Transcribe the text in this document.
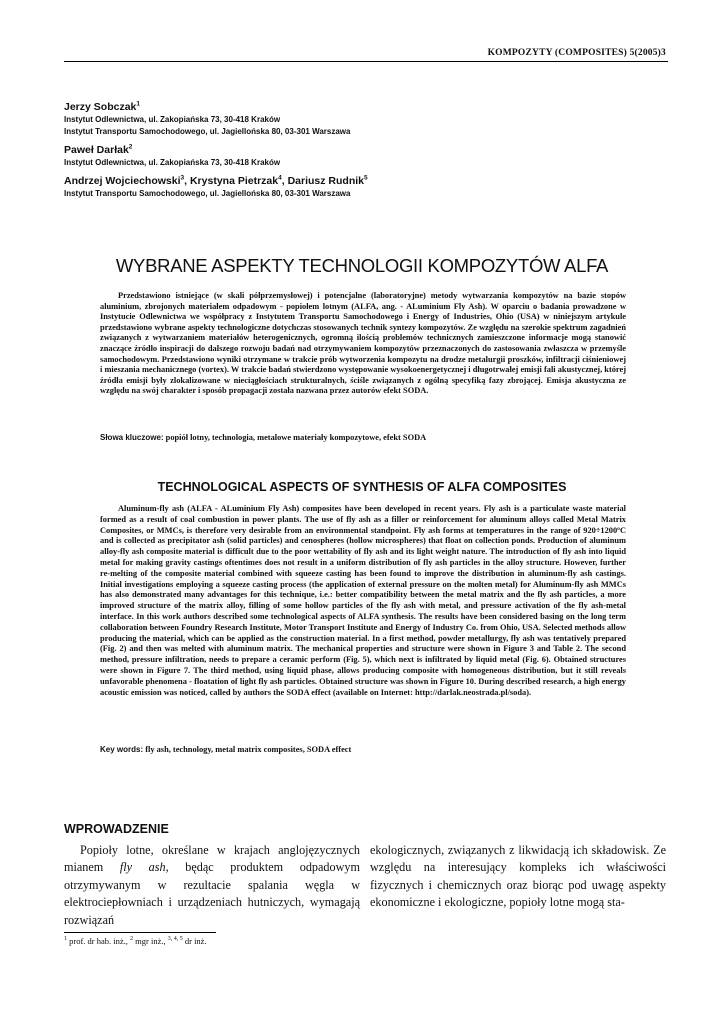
KOMPOZYTY (COMPOSITES) 5(2005)3
Jerzy Sobczak$^1$
Instytut Odlewnictwa, ul. Zakopiańska 73, 30-418 Kraków
Instytut Transportu Samochodowego, ul. Jagiellońska 80, 03-301 Warszawa
Paweł Darłak$^2$
Instytut Odlewnictwa, ul. Zakopiańska 73, 30-418 Kraków
Andrzej Wojciechowski$^3$, Krystyna Pietrzak$^4$, Dariusz Rudnik$^5$
Instytut Transportu Samochodowego, ul. Jagiellońska 80, 03-301 Warszawa
WYBRANE ASPEKTY TECHNOLOGII KOMPOZYTÓW ALFA

Przedstawiono istniejące (w skali półprzemysłowej) i potencjalne (laboratoryjne) metody wytwarzania kompozytów na bazie stopów aluminium, zbrojonych materiałem odpadowym - popiołem lotnym (ALFA, ang. - ALuminium Fly Ash). W oparciu o badania prowadzone w Instytucie Odlewnictwa we współpracy z Instytutem Transportu Samochodowego i Energy of Industries, Ohio (USA) w niniejszym artykule przedstawiono wybrane aspekty technologiczne dotychczas stosowanych technik syntezy kompozytów. Ze względu na szerokie spektrum zagadnień związanych z wytwarzaniem materiałów heterogenicznych, ogromną ilością problemów technicznych zamieszczone informacje mogą stanowić znaczące źródło inspiracji do dalszego rozwoju badań nad otrzymywaniem kompozytów przeznaczonych do zastosowania zwłaszcza w przemyśle samochodowym. Przedstawiono wyniki otrzymane w trakcie prób wytworzenia kompozytu na drodze metalurgii proszków, infiltracji ciśnieniowej i mieszania mechanicznego (vortex). W trakcie badań stwierdzono występowanie wysokoenergetycznej i długotrwałej emisji fali akustycznej, której źródła emisji były zlokalizowane w nieciągłościach strukturalnych, ściśle związanych z ogólną specyfiką fazy zbrojącej. Emisja akustyczna ze względu na swój charakter i sposób propagacji została nazwana przez autorów efekt SODA.

Słowa kluczowe: popiół lotny, technologia, metalowe materiały kompozytowe, efekt SODA
TECHNOLOGICAL ASPECTS OF SYNTHESIS OF ALFA COMPOSITES

Aluminum-fly ash (ALFA - ALuminium Fly Ash) composites have been developed in recent years. Fly ash is a particulate waste material formed as a result of coal combustion in power plants. The use of fly ash as a filler or reinforcement for aluminum alloys called Metal Matrix Composites, or MMCs, is therefore very desirable from an environmental standpoint. Fly ash forms at temperatures in the range of 920÷1200ºC and is collected as precipitator ash (solid particles) and cenospheres (hollow microspheres) that float on collection ponds. Production of aluminum alloy-fly ash composite material is difficult due to the poor wettability of fly ash and its light weight nature. The introduction of fly ash into liquid metal for making gravity castings oftentimes does not result in a uniform distribution of fly ash particles in the alloy structure. However, further re-melting of the composite material combined with squeeze casting has been found to improve the distribution in aluminum-fly ash castings. Initial investigations employing a squeeze casting process (the application of external pressure on the molten metal) for Aluminum-fly ash MMCs has also demonstrated many advantages for this technique, i.e.: better compatibility between the metal matrix and the fly ash particles, a more improved structure of the matrix alloy, filling of some hollow particles of the fly ash with metal, and pressure activation of the fly ash-metal interface. In this work authors described some technological aspects of ALFA synthesis. The results have been considered basing on the long term collaboration between Foundry Research Institute, Motor Transport Institute and Energy of Industry Co. from Ohio, USA. Selected methods allow producing the material, which can be applied as the construction material. In a first method, powder metallurgy, fly ash was tentatively prepared (Fig. 2) and then was melted with aluminum matrix. The mechanical properties and structure were shown in Figure 3 and Table 2. The second method, pressure infiltration, needs to prepare a ceramic perform (Fig. 5), which next is infiltrated by liquid metal (Fig. 6). Obtained structures were shown in Figure 7. The third method, using liquid phase, allows producing composite with homogeneous distribution, but it still reveals unfavorable phenomena - floatation of light fly ash particles. Obtained structure was shown in Figure 10. During described research, a high energy acoustic emission was noticed, called by authors the SODA effect (available on Internet: http://darlak.neostrada.pl/soda).

Key words: fly ash, technology, metal matrix composites, SODA effect
WPROWADZENIE

Popioły lotne, określane w krajach anglojęzycznych mianem fly ash, będąc produktem odpadowym otrzymywanym w rezultacie spalania węgla w elektrociepłowniach i urządzeniach hutniczych, wymagają rozwiązań

ekologicznych, związanych z likwidacją ich składowisk. Ze względu na interesujący kompleks ich właściwości fizycznych i chemicznych oraz biorąc pod uwagę aspekty ekonomiczne i ekologiczne, popioły lotne mogą sta-

$^1$ prof. dr hab. inż., $^2$ mgr inż., $^{3, 4, 5}$ dr inż.
